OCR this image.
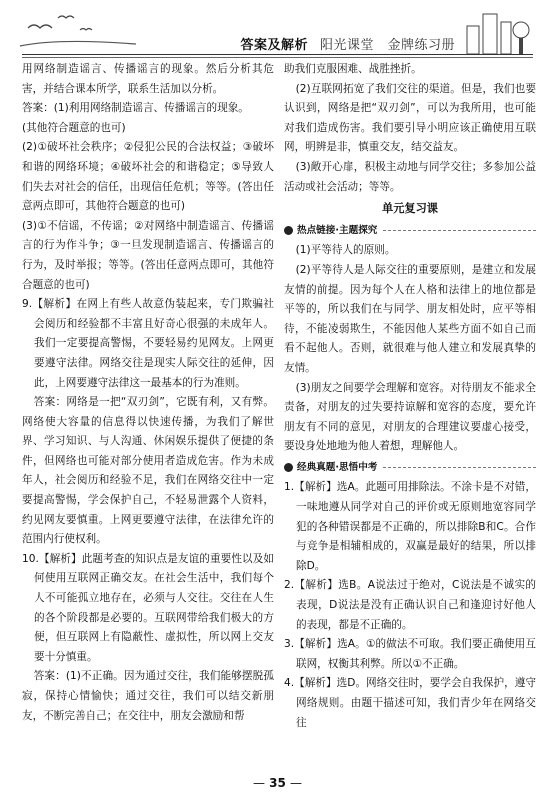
答案及解析 阳光课堂　金牌练习册

用网络制造谣言、传播谣言的现象。然后分析其危害，并结合课本所学，联系生活加以分析。

答案：(1)利用网络制造谣言、传播谣言的现象。

(其他符合题意的也可)

(2)①破坏社会秩序；②侵犯公民的合法权益；③破坏和谐的网络环境；④破坏社会的和谐稳定；⑤导致人们失去对社会的信任，出现信任危机；等等。(答出任意两点即可，其他符合题意的也可)

(3)①不信谣，不传谣；②对网络中制造谣言、传播谣言的行为作斗争；③一旦发现制造谣言、传播谣言的行为，及时举报；等等。(答出任意两点即可，其他符合题意的也可)

9.【解析】在网上有些人故意伪装起来，专门欺骗社会阅历和经验都不丰富且好奇心很强的未成年人。我们一定要提高警惕，不要轻易约见网友。上网更要遵守法律。网络交往是现实人际交往的延伸，因此，上网要遵守法律这一最基本的行为准则。

答案：网络是一把“双刃剑”，它既有利，又有弊。网络使大容量的信息得以快速传播，为我们了解世界、学习知识、与人沟通、休闲娱乐提供了便捷的条件，但网络也可能对部分使用者造成危害。作为未成年人，社会阅历和经验不足，我们在网络交往中一定要提高警惕，学会保护自己，不轻易泄露个人资料，约见网友要慎重。上网更要遵守法律，在法律允许的范围内行使权利。

10.【解析】此题考查的知识点是友谊的重要性以及如何使用互联网正确交友。在社会生活中，我们每个人不可能孤立地存在，必须与人交往。交往在人生的各个阶段都是必要的。互联网带给我们极大的方便，但互联网上有隐蔽性、虚拟性，所以网上交友要十分慎重。

答案：(1)不正确。因为通过交往，我们能够摆脱孤寂，保持心情愉快；通过交往，我们可以结交新朋友，不断完善自己；在交往中，朋友会激励和帮

助我们克服困难、战胜挫折。

(2)互联网拓宽了我们交往的渠道。但是，我们也要认识到，网络是把“双刃剑”，可以为我所用，也可能对我们造成伤害。我们要引导小明应该正确使用互联网，明辨是非，慎重交友，结交益友。

(3)敞开心扉，积极主动地与同学交往；多参加公益活动或社会活动；等等。

单元复习课
热点链接·主题探究

(1)平等待人的原则。

(2)平等待人是人际交往的重要原则，是建立和发展友情的前提。因为每个人在人格和法律上的地位都是平等的，所以我们在与同学、朋友相处时，应平等相待，不能凌弱欺生，不能因他人某些方面不如自己而看不起他人。否则，就很难与他人建立和发展真挚的友情。

(3)朋友之间要学会理解和宽容。对待朋友不能求全责备，对朋友的过失要持谅解和宽容的态度，要允许朋友有不同的意见，对朋友的合理建议要虚心接受，要设身处地地为他人着想，理解他人。

经典真题·思悟中考

1.【解析】选A。此题可用排除法。不涂卡是不对错，一味地遵从同学对自己的评价或无原则地宽容同学犯的各种错误都是不正确的，所以排除B和C。合作与竞争是相辅相成的，双赢是最好的结果，所以排除D。

2.【解析】选B。A说法过于绝对，C说法是不诚实的表现，D说法是没有正确认识自己和逢迎讨好他人的表现，都是不正确的。

3.【解析】选A。①的做法不可取。我们要正确使用互联网，权衡其利弊。所以①不正确。

4.【解析】选D。网络交往时，要学会自我保护，遵守网络规则。由题干描述可知，我们青少年在网络交往

— 35 —
